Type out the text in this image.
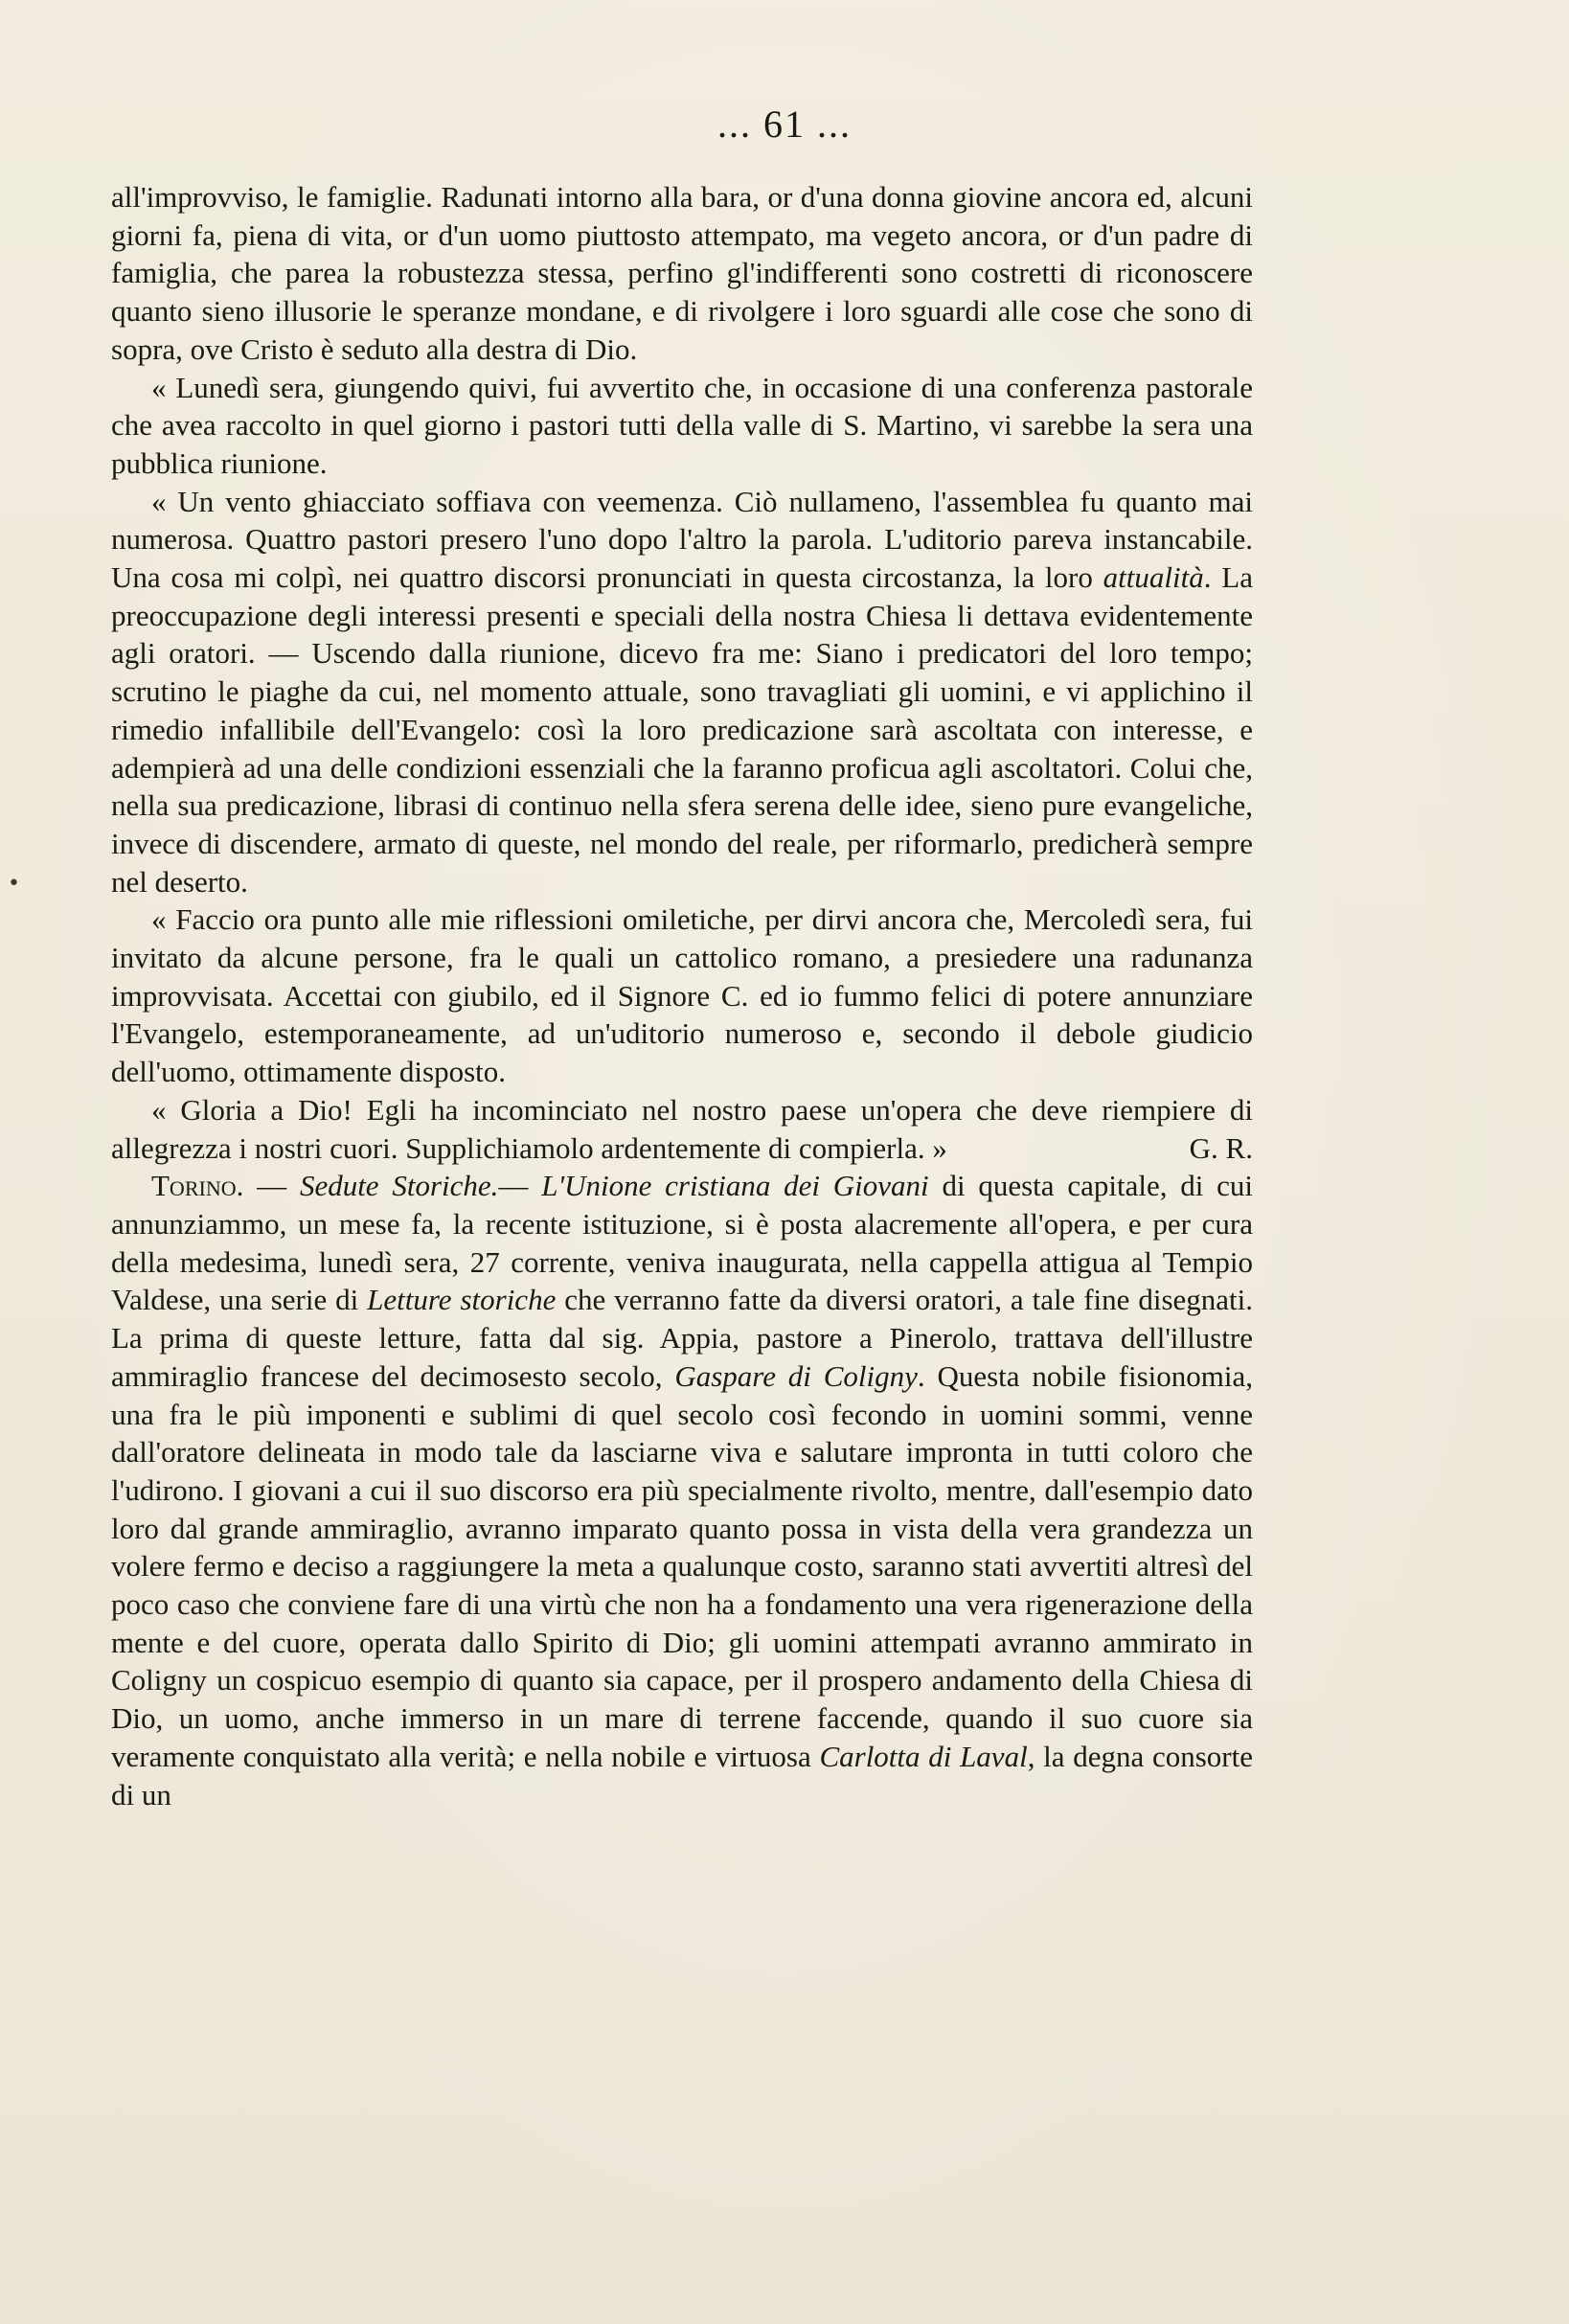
... 61 ...
•

all'improvviso, le famiglie. Radunati intorno alla bara, or d'una donna giovine ancora ed, alcuni giorni fa, piena di vita, or d'un uomo piuttosto attempato, ma vegeto ancora, or d'un padre di famiglia, che parea la robustezza stessa, perfino gl'indifferenti sono costretti di riconoscere quanto sieno illusorie le speranze mondane, e di rivolgere i loro sguardi alle cose che sono di sopra, ove Cristo è seduto alla destra di Dio.

« Lunedì sera, giungendo quivi, fui avvertito che, in occasione di una conferenza pastorale che avea raccolto in quel giorno i pastori tutti della valle di S. Martino, vi sarebbe la sera una pubblica riunione.

« Un vento ghiacciato soffiava con veemenza. Ciò nullameno, l'assemblea fu quanto mai numerosa. Quattro pastori presero l'uno dopo l'altro la parola. L'uditorio pareva instancabile. Una cosa mi colpì, nei quattro discorsi pronunciati in questa circostanza, la loro attualità. La preoccupazione degli interessi presenti e speciali della nostra Chiesa li dettava evidentemente agli oratori. — Uscendo dalla riunione, dicevo fra me: Siano i predicatori del loro tempo; scrutino le piaghe da cui, nel momento attuale, sono travagliati gli uomini, e vi applichino il rimedio infallibile dell'Evangelo: così la loro predicazione sarà ascoltata con interesse, e adempierà ad una delle condizioni essenziali che la faranno proficua agli ascoltatori. Colui che, nella sua predicazione, librasi di continuo nella sfera serena delle idee, sieno pure evangeliche, invece di discendere, armato di queste, nel mondo del reale, per riformarlo, predicherà sempre nel deserto.

« Faccio ora punto alle mie riflessioni omiletiche, per dirvi ancora che, Mercoledì sera, fui invitato da alcune persone, fra le quali un cattolico romano, a presiedere una radunanza improvvisata. Accettai con giubilo, ed il Signore C. ed io fummo felici di potere annunziare l'Evangelo, estemporaneamente, ad un'uditorio numeroso e, secondo il debole giudicio dell'uomo, ottimamente disposto.

« Gloria a Dio! Egli ha incominciato nel nostro paese un'opera che deve riempiere di allegrezza i nostri cuori. Supplichiamolo ardentemente di compierla. »	G. R.

Torino. — Sedute Storiche.— L'Unione cristiana dei Giovani di questa capitale, di cui annunziammo, un mese fa, la recente istituzione, si è posta alacremente all'opera, e per cura della medesima, lunedì sera, 27 corrente, veniva inaugurata, nella cappella attigua al Tempio Valdese, una serie di Letture storiche che verranno fatte da diversi oratori, a tale fine disegnati. La prima di queste letture, fatta dal sig. Appia, pastore a Pinerolo, trattava dell'illustre ammiraglio francese del decimosesto secolo, Gaspare di Coligny. Questa nobile fisionomia, una fra le più imponenti e sublimi di quel secolo così fecondo in uomini sommi, venne dall'oratore delineata in modo tale da lasciarne viva e salutare impronta in tutti coloro che l'udirono. I giovani a cui il suo discorso era più specialmente rivolto, mentre, dall'esempio dato loro dal grande ammiraglio, avranno imparato quanto possa in vista della vera grandezza un volere fermo e deciso a raggiungere la meta a qualunque costo, saranno stati avvertiti altresì del poco caso che conviene fare di una virtù che non ha a fondamento una vera rigenerazione della mente e del cuore, operata dallo Spirito di Dio; gli uomini attempati avranno ammirato in Coligny un cospicuo esempio di quanto sia capace, per il prospero andamento della Chiesa di Dio, un uomo, anche immerso in un mare di terrene faccende, quando il suo cuore sia veramente conquistato alla verità; e nella nobile e virtuosa Carlotta di Laval, la degna consorte di un
